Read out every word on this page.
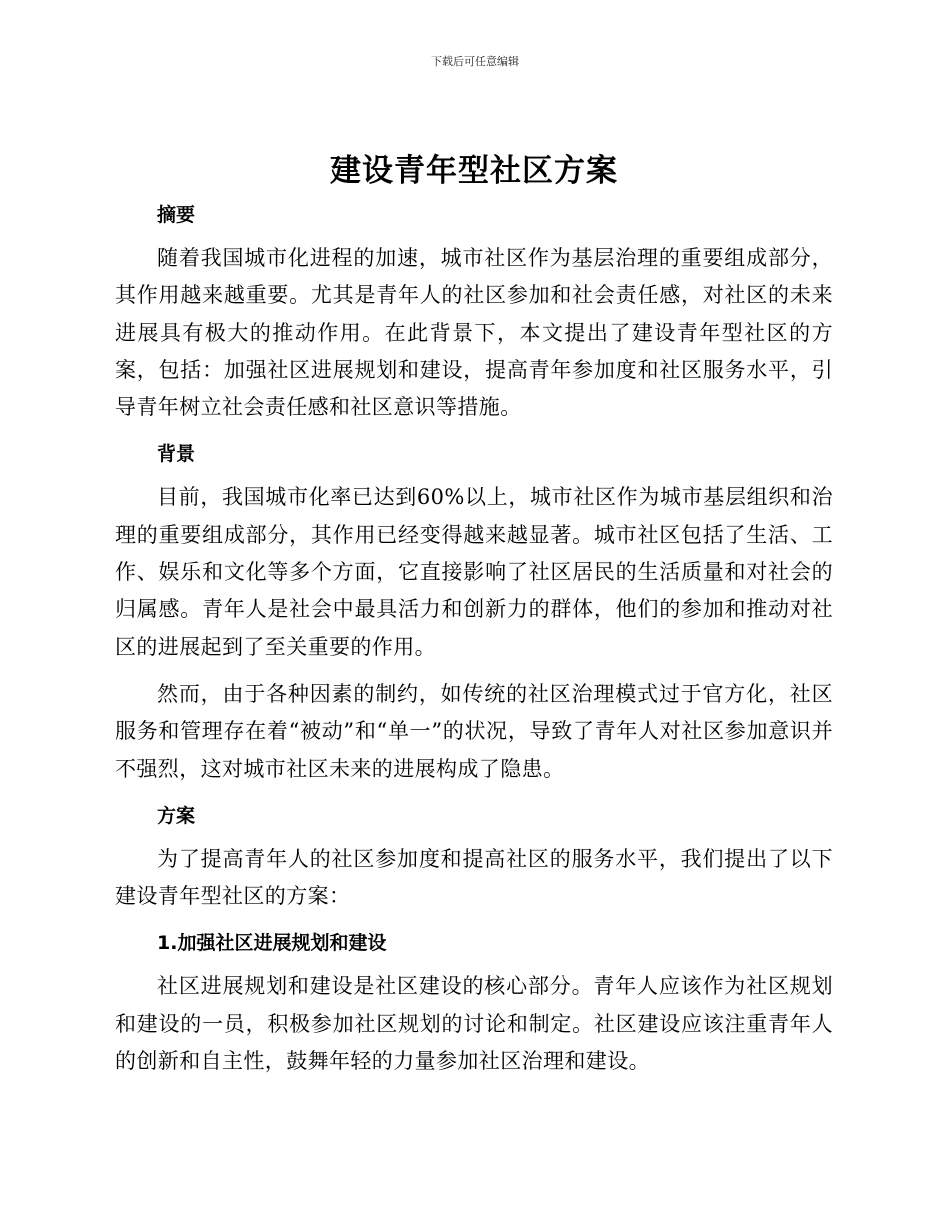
下载后可任意编辑
建设青年型社区方案
摘要

随着我国城市化进程的加速，城市社区作为基层治理的重要组成部分，其作用越来越重要。尤其是青年人的社区参加和社会责任感，对社区的未来进展具有极大的推动作用。在此背景下，本文提出了建设青年型社区的方案，包括：加强社区进展规划和建设，提高青年参加度和社区服务水平，引导青年树立社会责任感和社区意识等措施。

背景

目前，我国城市化率已达到60%以上，城市社区作为城市基层组织和治理的重要组成部分，其作用已经变得越来越显著。城市社区包括了生活、工作、娱乐和文化等多个方面，它直接影响了社区居民的生活质量和对社会的归属感。青年人是社会中最具活力和创新力的群体，他们的参加和推动对社区的进展起到了至关重要的作用。

然而，由于各种因素的制约，如传统的社区治理模式过于官方化，社区服务和管理存在着“被动”和“单一”的状况，导致了青年人对社区参加意识并不强烈，这对城市社区未来的进展构成了隐患。

方案

为了提高青年人的社区参加度和提高社区的服务水平，我们提出了以下建设青年型社区的方案：

1.加强社区进展规划和建设

社区进展规划和建设是社区建设的核心部分。青年人应该作为社区规划和建设的一员，积极参加社区规划的讨论和制定。社区建设应该注重青年人的创新和自主性，鼓舞年轻的力量参加社区治理和建设。
